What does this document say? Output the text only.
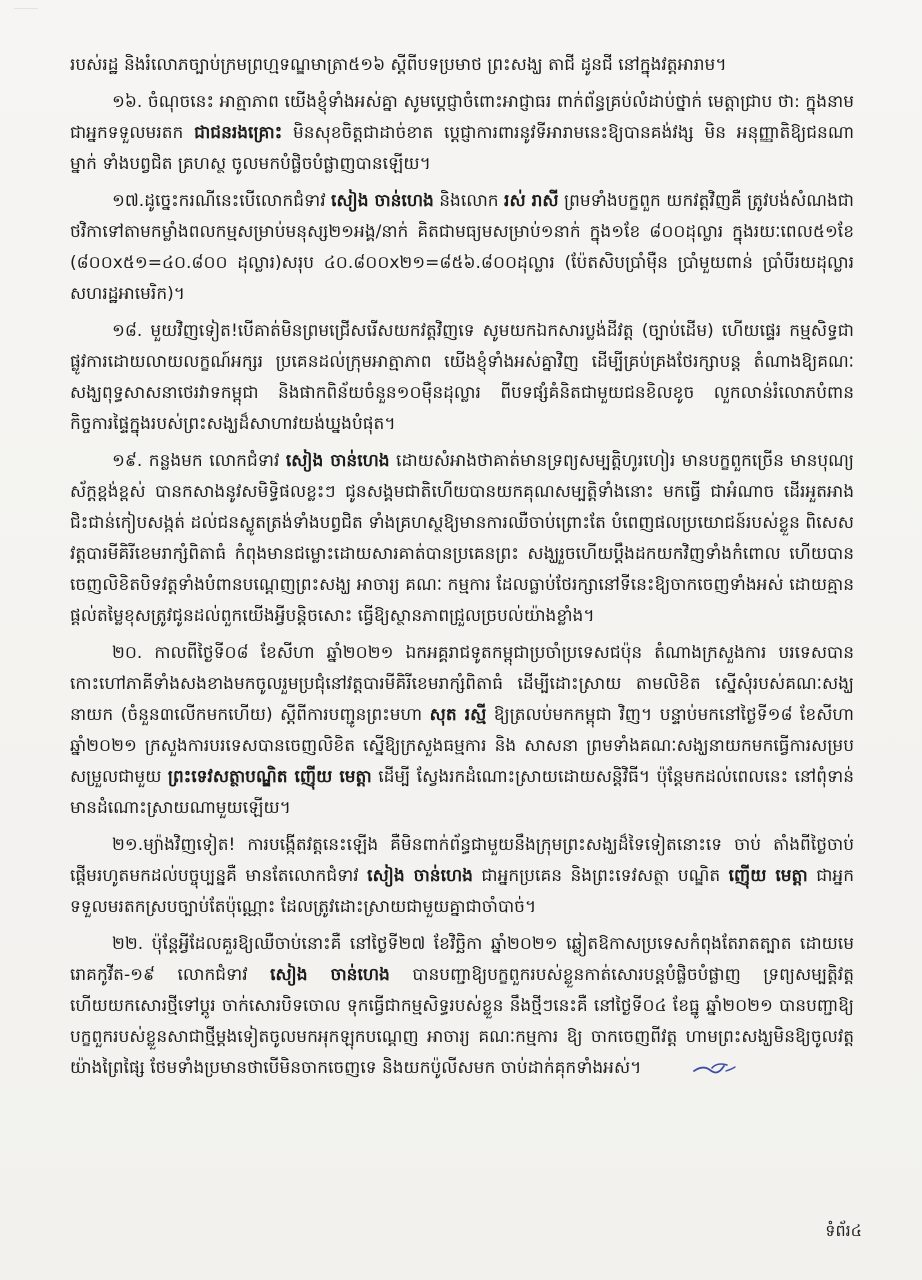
របស់រដ្ឋ និងរំលោភច្បាប់ក្រមព្រហ្មទណ្ឌមាត្រា៥១៦ ស្តីពីបទប្រមាថ ព្រះសង្ឃ តាជី ដូនជី នៅក្នុងវត្តអារាម។

១៦. ចំណុចនេះ អាត្មាភាព យើងខ្ញុំទាំងអស់គ្នា សូមប្តេជ្ញាចំពោះអាជ្ញាធរ ពាក់ព័ន្ធគ្រប់លំដាប់ថ្នាក់ មេត្តាជ្រាប ថា: ក្នុងនាមជាអ្នកទទួលមរតក ជាជនរងគ្រោះ មិនសុខចិត្តជាដាច់ខាត ប្តេជ្ញាការពារនូវទីអារាមនេះឱ្យបានគង់វង្ស មិន អនុញ្ញាតិឱ្យជនណាម្នាក់ ទាំងបព្វជិត គ្រហស្ថ ចូលមកបំផ្លិចបំផ្លាញបានឡើយ។

១៧.ដូច្នេះករណីនេះបើលោកជំទាវ សៀង ចាន់ហេង និងលោក រស់ រាសី ព្រមទាំងបក្ខពួក យកវត្តវិញគឺ ត្រូវបង់សំណងជាថវិកាទៅតាមកម្លាំងពលកម្មសម្រាប់មនុស្ស២១អង្គ/នាក់ គិតជាមធ្យមសម្រាប់១នាក់ ក្នុង១ខែ ៨០០ដុល្លារ ក្នុងរយៈពេល៥១ខែ (៨០០x៥១=៤០.៨០០ ដុល្លារ)សរុប ៤០.៨០០x២១=៨៥៦.៨០០ដុល្លារ (ប៉ែតសិបប្រាំម៉ឺន ប្រាំមួយពាន់ ប្រាំបីរយដុល្លារ សហរដ្ឋអាមេរិក)។

១៨. មួយវិញទៀត!បើគាត់មិនព្រមជ្រើសរើសយកវត្តវិញទេ សូមយកឯកសារប្លង់ដីវត្ត (ច្បាប់ដើម) ហើយផ្ទេរ កម្មសិទ្ធជាផ្លូវការដោយលាយលក្ខណ៍អក្សរ ប្រគេនដល់ក្រុមអាត្មាភាព យើងខ្ញុំទាំងអស់គ្នាវិញ ដើម្បីគ្រប់គ្រងថែរក្សាបន្ត តំណាងឱ្យគណៈសង្ឃពុទ្ធសាសនាថេរវាទកម្ពុជា និងផាកពិន័យចំនួន១០ម៉ឺនដុល្លារ ពីបទផ្សំគំនិតជាមួយជនខិលខូច លួកលាន់រំលោភបំពានកិច្ចការផ្ទៃក្នុងរបស់ព្រះសង្ឃដ៏សាហាវយង់ឃ្នងបំផុត។

១៩. កន្លងមក លោកជំទាវ សៀង ចាន់ហេង ដោយសំអាងថាគាត់មានទ្រព្យសម្បត្តិហូរហៀរ មានបក្ខពួកច្រើន មានបុណ្យស័ក្តខ្ពង់ខ្ពស់ បានកសាងនូវសមិទ្ធិផលខ្លះៗ ជូនសង្គមជាតិហើយបានយកគុណសម្បត្តិទាំងនោះ មកធ្វើ ជាអំណាច ដើរអួតអាង ជិះជាន់កៀបសង្កត់ ដល់ជនស្លូតត្រង់ទាំងបព្វជិត ទាំងគ្រហស្ថឱ្យមានការឈឺចាប់ព្រោះតែ បំពេញផលប្រយោជន៍របស់ខ្លួន ពិសេសវត្តបារមីគិរីខេមរាក្សំពិតាធំ កំពុងមានជម្លោះដោយសារគាត់បានប្រគេនព្រះ សង្ឃរួចហើយប្តឹងដកយកវិញទាំងកំពោល ហើយបានចេញលិខិតបិទវត្តទាំងបំពានបណ្តេញព្រះសង្ឃ អាចារ្យ គណៈ កម្មការ ដែលធ្លាប់ថែរក្សានៅទីនេះឱ្យចាកចេញទាំងអស់ ដោយគ្មានផ្តល់តម្លៃខុសត្រូវជូនដល់ពួកយើងអ្វីបន្តិចសោះ ធ្វើឱ្យស្ថានភាពជ្រួលច្របល់យ៉ាងខ្លាំង។

២០. កាលពីថ្ងៃទី០៨ ខែសីហា ឆ្នាំ២០២១ ឯកអគ្គរាជទូតកម្ពុជាប្រចាំប្រទេសជប៉ុន តំណាងក្រសួងការ បរទេសបានកោះហៅភាគីទាំងសងខាងមកចូលរួមប្រជុំនៅវត្តបារមីគិរីខេមរាក្សំពិតាធំ ដើម្បីដោះស្រាយ តាមលិខិត ស្នើសុំរបស់គណៈសង្ឃនាយក (ចំនួន៣លើកមកហើយ) ស្តីពីការបញ្ជូនព្រះមហា សុត រស្មី ឱ្យត្រលប់មកកម្ពុជា វិញ។ បន្ទាប់មកនៅថ្ងៃទី១៨ ខែសីហា ឆ្នាំ២០២១ ក្រសួងការបរទេសបានចេញលិខិត ស្នើឱ្យក្រសួងធម្មការ និង សាសនា ព្រមទាំងគណៈសង្ឃនាយកមកធ្វើការសម្របសម្រួលជាមួយ ព្រះទេវសត្ថាបណ្ឌិត ញ៉ើយ មេត្តា ដើម្បី ស្វែងរកដំណោះស្រាយដោយសន្តិវិធី។ ប៉ុន្តែមកដល់ពេលនេះ នៅពុំទាន់មានដំណោះស្រាយណាមួយឡើយ។

២១.ម្យ៉ាងវិញទៀត! ការបង្កើតវត្តនេះឡើង គឺមិនពាក់ព័ន្ធជាមួយនឹងក្រុមព្រះសង្ឃដ៏ទៃទៀតនោះទេ ចាប់ តាំងពីថ្ងៃចាប់ផ្តើមរហូតមកដល់បច្ចុប្បន្នគឺ មានតែលោកជំទាវ សៀង ចាន់ហេង ជាអ្នកប្រគេន និងព្រះទេវសត្ថា បណ្ឌិត ញ៉ើយ មេត្តា ជាអ្នកទទួលមរតកស្របច្បាប់តែប៉ុណ្ណោះ ដែលត្រូវដោះស្រាយជាមួយគ្នាជាចាំបាច់។

២២. ប៉ុន្តែអ្វីដែលគួរឱ្យឈឺចាប់នោះគឺ នៅថ្ងៃទី២៧ ខែវិច្ឆិកា ឆ្នាំ២០២១ ឆ្លៀតឱកាសប្រទេសកំពុងតែរាតត្បាត ដោយមេរោគកូវីត-១៩ លោកជំទាវ សៀង ចាន់ហេង បានបញ្ជាឱ្យបក្ខពួករបស់ខ្លួនកាត់សោរបន្តបំផ្លិចបំផ្លាញ ទ្រព្យសម្បត្តិវត្ត ហើយយកសោរថ្មីទៅប្តូរ ចាក់សោរបិទចោល ទុកធ្វើជាកម្មសិទ្ធរបស់ខ្លួន នឹងថ្មីៗនេះគឺ នៅថ្ងៃទី០៤ ខែធ្នូ ឆ្នាំ២០២១ បានបញ្ជាឱ្យបក្ខពួករបស់ខ្លួនសាជាថ្មីម្តងទៀតចូលមកអុកឡុកបណ្តេញ អាចារ្យ គណៈកម្មការ ឱ្យ ចាកចេញពីវត្ត ហាមព្រះសង្ឃមិនឱ្យចូលវត្តយ៉ាងព្រៃផ្សៃ ថែមទាំងប្រមានថាបើមិនចាកចេញទេ និងយកប៉ូលីសមក ចាប់ដាក់គុកទាំងអស់។

ទំព័រ៤
